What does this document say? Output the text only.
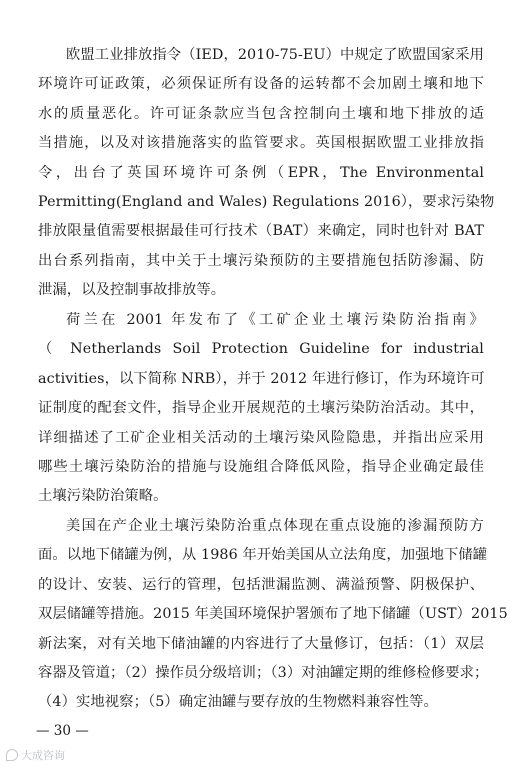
欧盟工业排放指令（IED，2010-75-EU）中规定了欧盟国家采用
环境许可证政策，必须保证所有设备的运转都不会加剧土壤和地下
水的质量恶化。许可证条款应当包含控制向土壤和地下排放的适
当措施，以及对该措施落实的监管要求。英国根据欧盟工业排放指
令，出台了英国环境许可条例（EPR，The Environmental
Permitting(England and Wales) Regulations 2016），要求污染物
排放限量值需要根据最佳可行技术（BAT）来确定，同时也针对 BAT
出台系列指南，其中关于土壤污染预防的主要措施包括防渗漏、防
泄漏，以及控制事故排放等。
荷兰在 2001 年发布了《工矿企业土壤污染防治指南》
（ Netherlands Soil Protection Guideline for industrial
activities，以下简称 NRB），并于 2012 年进行修订，作为环境许可
证制度的配套文件，指导企业开展规范的土壤污染防治活动。其中，
详细描述了工矿企业相关活动的土壤污染风险隐患，并指出应采用
哪些土壤污染防治的措施与设施组合降低风险，指导企业确定最佳
土壤污染防治策略。
美国在产企业土壤污染防治重点体现在重点设施的渗漏预防方
面。以地下储罐为例，从 1986 年开始美国从立法角度，加强地下储罐
的设计、安装、运行的管理，包括泄漏监测、满溢预警、阴极保护、
双层储罐等措施。2015 年美国环境保护署颁布了地下储罐（UST）2015
新法案，对有关地下储油罐的内容进行了大量修订，包括：（1）双层
容器及管道；（2）操作员分级培训；（3）对油罐定期的维修检修要求；
（4）实地视察；（5）确定油罐与要存放的生物燃料兼容性等。
— 30 —
大成咨询
